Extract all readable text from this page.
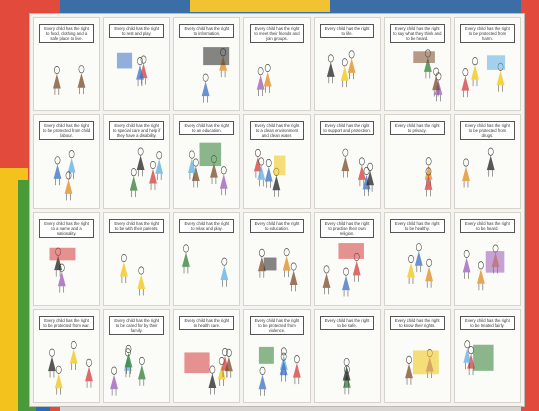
Every child has the right to food, clothing and a safe place to live.
Every child has the right to rest and play.
Every child has the right to information.
Every child has the right to meet their friends and join groups.
Every child has the right to life.
Every child has the right to say what they think and to be heard.
Every child has the right to be protected from harm.
Every child has the right to be protected from child labour.
Every child has the right to special care and help if they have a disability.
Every child has the right to an education.
Every child has the right to a clean environment and clean water.
Every child has the right to support and protection.
Every child has the right to privacy.
Every child has the right to be protected from drugs.
Every child has the right to a name and a nationality.
Every child has the right to be with their parents.
Every child has the right to relax and play.
Every child has the right to education.
Every child has the right to practise their own religion.
Every child has the right to be healthy.
Every child has the right to be heard.
Every child has the right to be protected from war.
Every child has the right to be cared for by their family.
Every child has the right to health care.
Every child has the right to be protected from violence.
Every child has the right to be safe.
Every child has the right to know their rights.
Every child has the right to be treated fairly.
